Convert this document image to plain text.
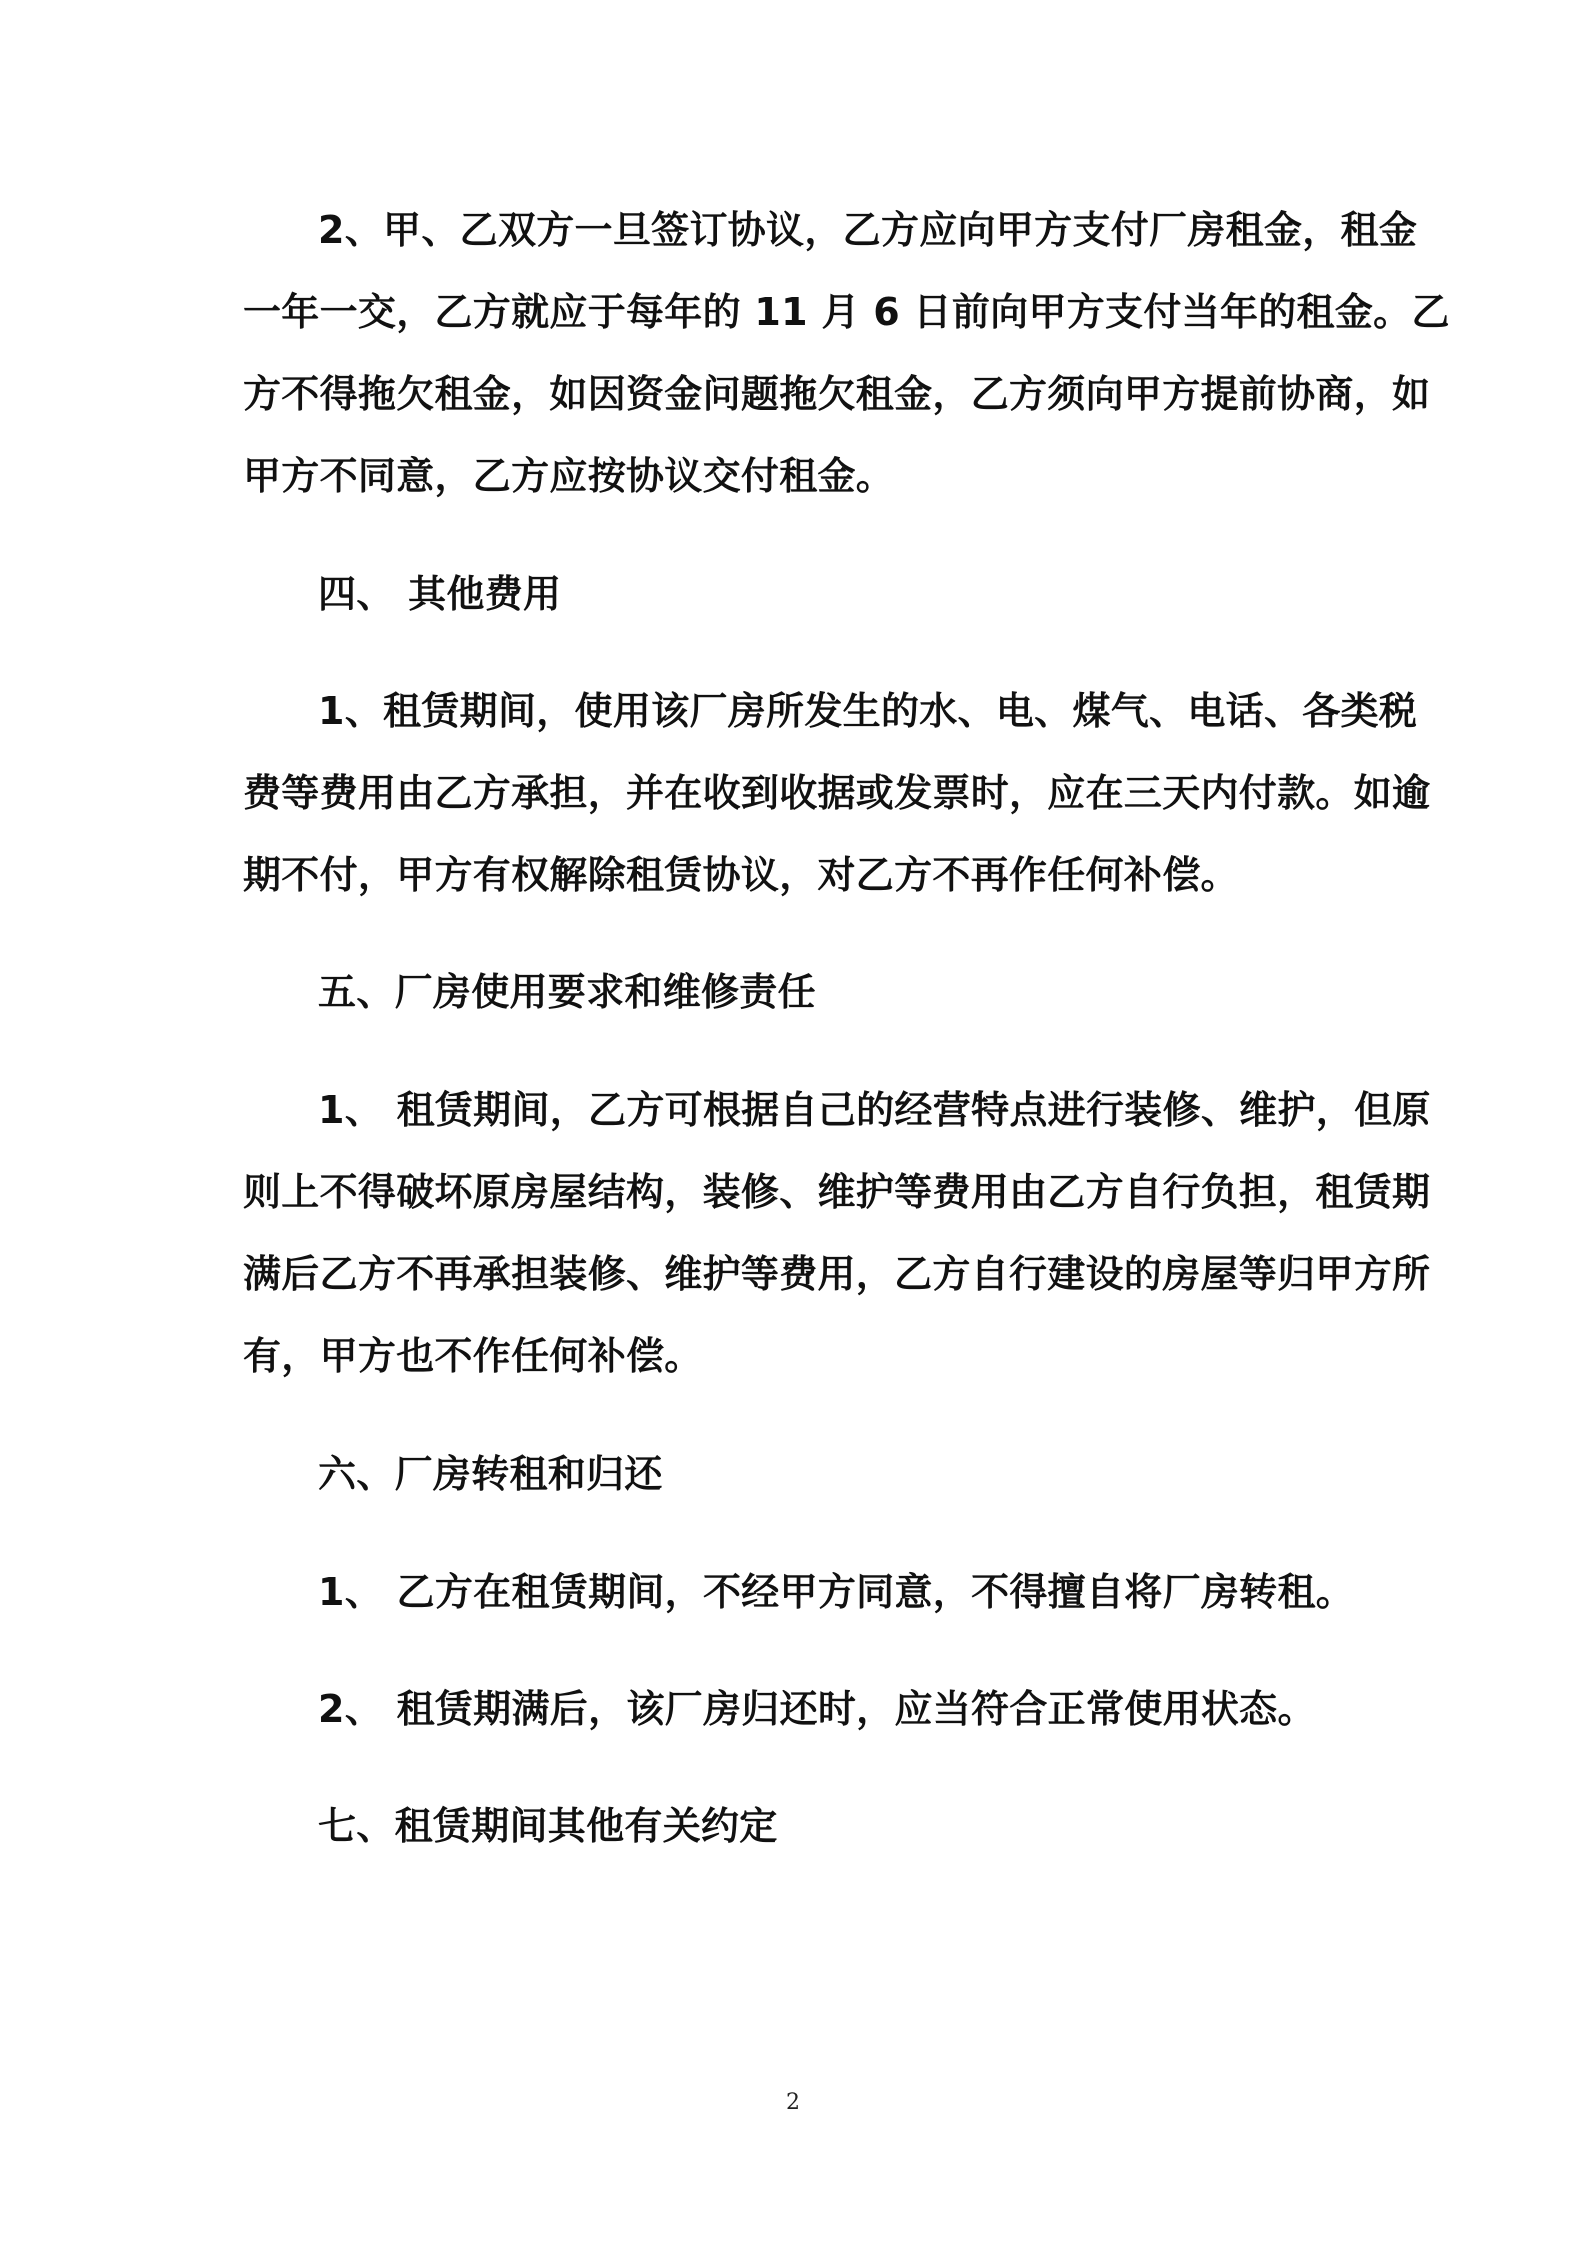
2、甲、乙双方一旦签订协议，乙方应向甲方支付厂房租金，租金
一年一交，乙方就应于每年的 11 月 6 日前向甲方支付当年的租金。乙
方不得拖欠租金，如因资金问题拖欠租金，乙方须向甲方提前协商，如
甲方不同意，乙方应按协议交付租金。
四、 其他费用
1、租赁期间，使用该厂房所发生的水、电、煤气、电话、各类税
费等费用由乙方承担，并在收到收据或发票时，应在三天内付款。如逾
期不付，甲方有权解除租赁协议，对乙方不再作任何补偿。
五、厂房使用要求和维修责任
1、 租赁期间，乙方可根据自己的经营特点进行装修、维护，但原
则上不得破坏原房屋结构，装修、维护等费用由乙方自行负担，租赁期
满后乙方不再承担装修、维护等费用，乙方自行建设的房屋等归甲方所
有，甲方也不作任何补偿。
六、厂房转租和归还
1、 乙方在租赁期间，不经甲方同意，不得擅自将厂房转租。
2、 租赁期满后，该厂房归还时，应当符合正常使用状态。
七、租赁期间其他有关约定
2
